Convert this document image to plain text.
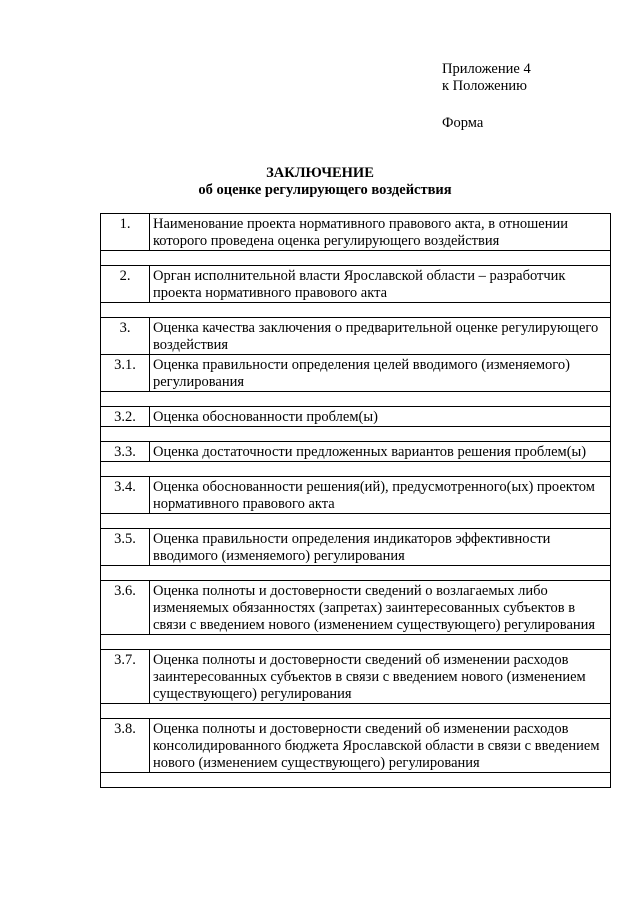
Приложение 4
к Положению
Форма
ЗАКЛЮЧЕНИЕ
об оценке регулирующего воздействия
1.	Наименование проекта нормативного правового акта, в отношении которого проведена оценка регулирующего воздействия

2.	Орган исполнительной власти Ярославской области – разработчик проекта нормативного правового акта

3.	Оценка качества заключения о предварительной оценке регулирующего воздействия
3.1.	Оценка правильности определения целей вводимого (изменяемого) регулирования

3.2.	Оценка обоснованности проблем(ы)

3.3.	Оценка достаточности предложенных вариантов решения проблем(ы)

3.4.	Оценка обоснованности решения(ий), предусмотренного(ых) проектом нормативного правового акта

3.5.	Оценка правильности определения индикаторов эффективности вводимого (изменяемого) регулирования

3.6.	Оценка полноты и достоверности сведений о возлагаемых либо изменяемых обязанностях (запретах) заинтересованных субъектов в связи с введением нового (изменением существующего) регулирования

3.7.	Оценка полноты и достоверности сведений об изменении расходов заинтересованных субъектов в связи с введением нового (изменением существующего) регулирования

3.8.	Оценка полноты и достоверности сведений об изменении расходов консолидированного бюджета Ярославской области в связи с введением нового (изменением существующего) регулирования
